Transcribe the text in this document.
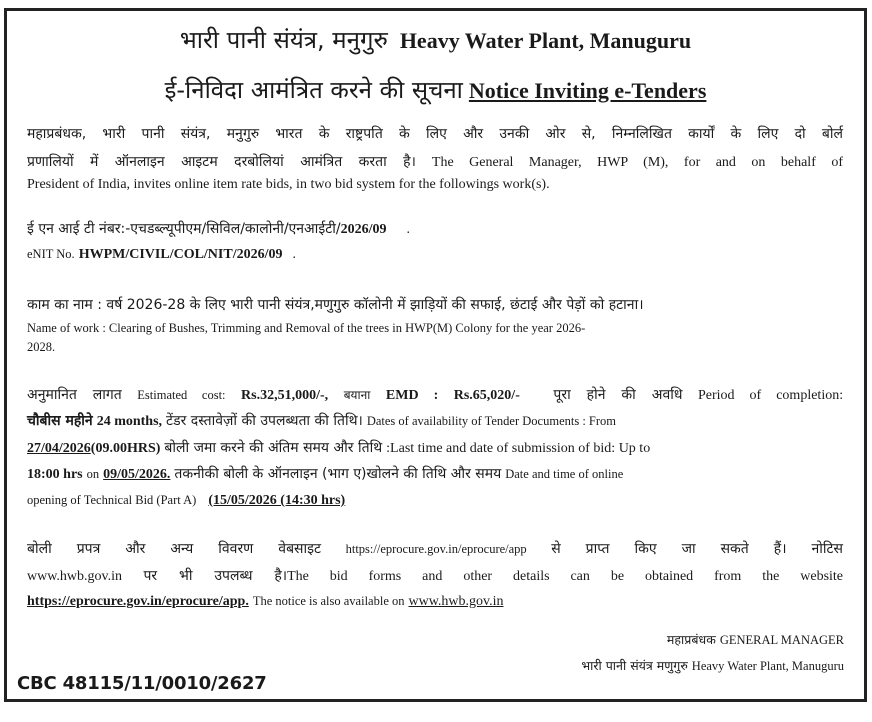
भारी पानी संयंत्र, मनुगुरु Heavy Water Plant, Manuguru
ई-निविदा आमंत्रित करने की सूचना Notice Inviting e-Tenders
महाप्रबंधक, भारी पानी संयंत्र, मनुगुरु भारत के राष्ट्रपति के लिए और उनकी ओर से, निम्नलिखित कार्यों के लिए दो बोर्ल
प्रणालियों में ऑनलाइन आइटम दरबोलियां आमंत्रित करता है। The General Manager, HWP (M), for and on behalf of
President of India, invites online item rate bids, in two bid system for the followings work(s).
ई एन आई टी नंबर:-एचडब्ल्यूपीएम/सिविल/कालोनी/एनआईटी/2026/09 .
eNIT No. HWPM/CIVIL/COL/NIT/2026/09 .
काम का नाम : वर्ष 2026-28 के लिए भारी पानी संयंत्र,मणुगुरु कॉलोनी में झाड़ियों की सफाई, छंटाई और पेड़ों को हटाना।
Name of work : Clearing of Bushes, Trimming and Removal of the trees in HWP(M) Colony for the year 2026-
2028.
अनुमानित लागत Estimated cost: Rs.32,51,000/-, बयाना EMD : Rs.65,020/- पूरा होने की अवधि Period of completion:
चौबीस महीने 24 months, टेंडर दस्तावेज़ों की उपलब्धता की तिथि। Dates of availability of Tender Documents : From
27/04/2026(09.00HRS) बोली जमा करने की अंतिम समय और तिथि :Last time and date of submission of bid: Up to
18:00 hrs on 09/05/2026. तकनीकी बोली के ऑनलाइन (भाग ए)खोलने की तिथि और समय Date and time of online
opening of Technical Bid (Part A) (15/05/2026 (14:30 hrs)
बोली प्रपत्र और अन्य विवरण वेबसाइट https://eprocure.gov.in/eprocure/app से प्राप्त किए जा सकते हैं। नोटिस
www.hwb.gov.in पर भी उपलब्ध है।The bid forms and other details can be obtained from the website
https://eprocure.gov.in/eprocure/app. The notice is also available on www.hwb.gov.in
महाप्रबंधक GENERAL MANAGER
भारी पानी संयंत्र मणुगुरु Heavy Water Plant, Manuguru
CBC 48115/11/0010/2627
